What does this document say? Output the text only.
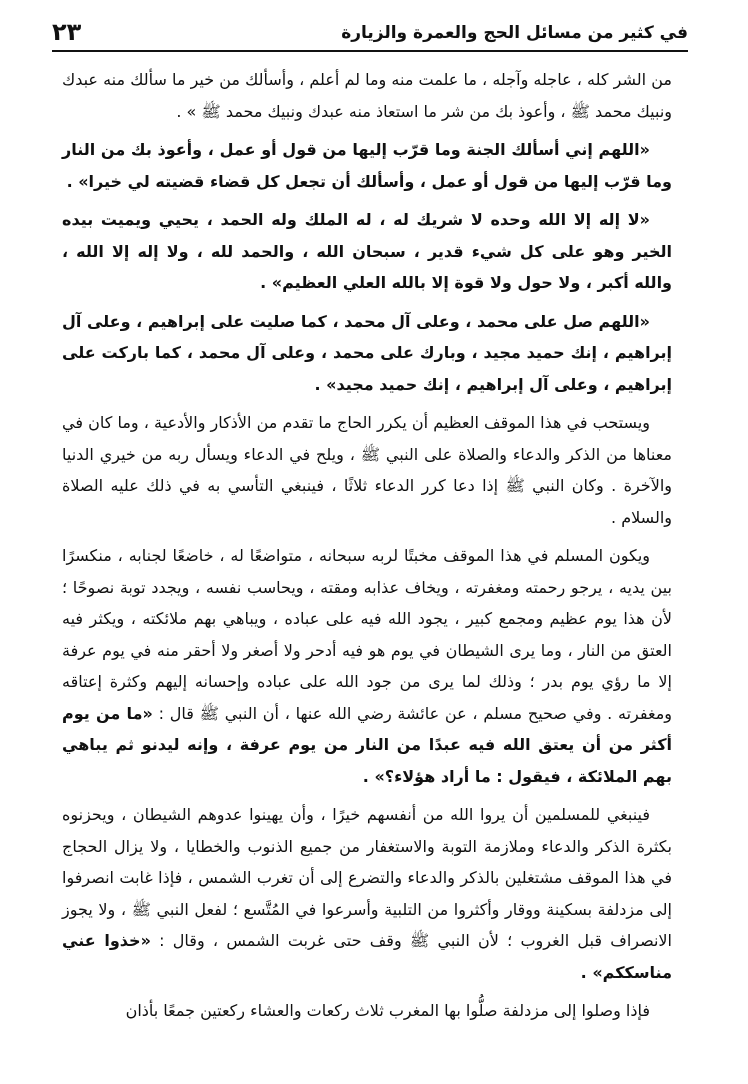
في كثير من مسائل الحج والعمرة والزيارة
٢٣

من الشر كله ، عاجله وآجله ، ما علمت منه وما لم أعلم ، وأسألك من خير ما سألك منه عبدك ونبيك محمد ﷺ ، وأعوذ بك من شر ما استعاذ منه عبدك ونبيك محمد ﷺ » .

«اللهم إني أسألك الجنة وما قرّب إليها من قول أو عمل ، وأعوذ بك من النار وما قرّب إليها من قول أو عمل ، وأسألك أن تجعل كل قضاء قضيته لي خيرا» .

«لا إله إلا الله وحده لا شريك له ، له الملك وله الحمد ، يحيي ويميت بيده الخير وهو على كل شيء قدير ، سبحان الله ، والحمد لله ، ولا إله إلا الله ، والله أكبر ، ولا حول ولا قوة إلا بالله العلي العظيم» .

«اللهم صل على محمد ، وعلى آل محمد ، كما صليت على إبراهيم ، وعلى آل إبراهيم ، إنك حميد مجيد ، وبارك على محمد ، وعلى آل محمد ، كما باركت على إبراهيم ، وعلى آل إبراهيم ، إنك حميد مجيد» .

ويستحب في هذا الموقف العظيم أن يكرر الحاج ما تقدم من الأذكار والأدعية ، وما كان في معناها من الذكر والدعاء والصلاة على النبي ﷺ ، ويلح في الدعاء ويسأل ربه من خيري الدنيا والآخرة . وكان النبي ﷺ إذا دعا كرر الدعاء ثلاثًا ، فينبغي التأسي به في ذلك عليه الصلاة والسلام .

ويكون المسلم في هذا الموقف مخبتًا لربه سبحانه ، متواضعًا له ، خاضعًا لجنابه ، منكسرًا بين يديه ، يرجو رحمته ومغفرته ، ويخاف عذابه ومقته ، ويحاسب نفسه ، ويجدد توبة نصوحًا ؛ لأن هذا يوم عظيم ومجمع كبير ، يجود الله فيه على عباده ، ويباهي بهم ملائكته ، ويكثر فيه العتق من النار ، وما يرى الشيطان في يوم هو فيه أدحر ولا أصغر ولا أحقر منه في يوم عرفة إلا ما رؤي يوم بدر ؛ وذلك لما يرى من جود الله على عباده وإحسانه إليهم وكثرة إعتاقه ومغفرته . وفي صحيح مسلم ، عن عائشة رضي الله عنها ، أن النبي ﷺ قال : «ما من يوم أكثر من أن يعتق الله فيه عبدًا من النار من يوم عرفة ، وإنه ليدنو ثم يباهي بهم الملائكة ، فيقول : ما أراد هؤلاء؟» .

فينبغي للمسلمين أن يروا الله من أنفسهم خيرًا ، وأن يهينوا عدوهم الشيطان ، ويحزنوه بكثرة الذكر والدعاء وملازمة التوبة والاستغفار من جميع الذنوب والخطايا ، ولا يزال الحجاج في هذا الموقف مشتغلين بالذكر والدعاء والتضرع إلى أن تغرب الشمس ، فإذا غابت انصرفوا إلى مزدلفة بسكينة ووقار وأكثروا من التلبية وأسرعوا في المُتَّسع ؛ لفعل النبي ﷺ ، ولا يجوز الانصراف قبل الغروب ؛ لأن النبي ﷺ وقف حتى غربت الشمس ، وقال : «خذوا عني مناسككم» .

فإذا وصلوا إلى مزدلفة صلُّوا بها المغرب ثلاث ركعات والعشاء ركعتين جمعًا بأذان
